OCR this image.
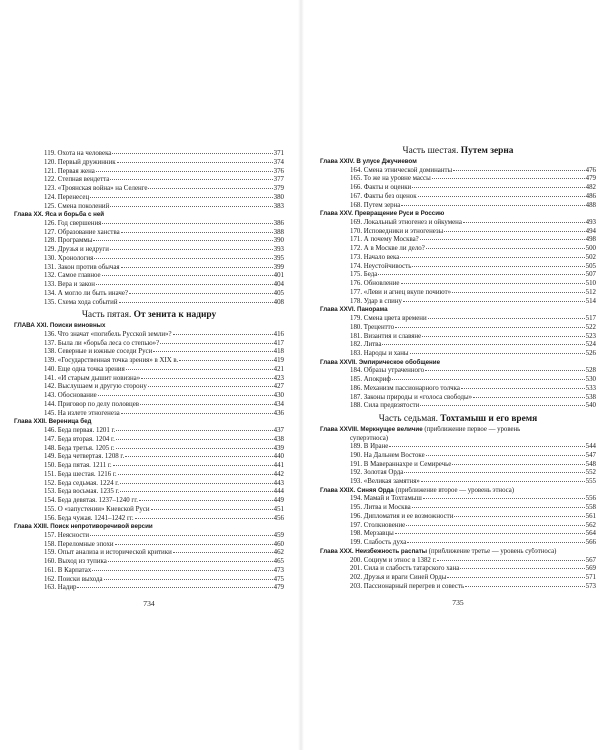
119. Охота на человека	371
120. Первый дружинник	374
121. Первая жена	376
122. Степная вендетта	377
123. «Троянская война» на Селенге	379
124. Перенесец	380
125. Смена поколений	383
Глава XX. Яса и борьба с ней
126. Год свершения	386
127. Образование ханства	388
128. Программы	390
129. Друзья и недруги	393
130. Хронология	395
131. Закон против обычая	399
132. Самое главное	401
133. Вера и закон	404
134. А могло ли быть иначе?	405
135. Схема хода событий	408
Часть пятая. От зенита к надиру
ГЛАВА XXI. Поиски виновных
136. Что значат «погибель Русской земли»?	416
137. Была ли «борьба леса со степью»?	417
138. Северные и южные соседи Руси	418
139. «Государственная точка зрения» в XIX в.	419
140. Еще одна точка зрения	421
141. «И старым дышит новизна»	423
142. Выслушаем и другую сторону	427
143. Обоснование	430
144. Приговор по делу половцев	434
145. На излете этногенеза	436
Глава XXII. Вереница бед
146. Беда первая. 1201 г.	437
147. Беда вторая. 1204 г.	438
148. Беда третья. 1205 г.	439
149. Беда четвертая. 1208 г.	440
150. Беда пятая. 1211 г.	441
151. Беда шестая. 1216 г.	442
152. Беда седьмая. 1224 г.	443
153. Беда восьмая. 1235 г.	444
154. Беда девятая. 1237–1240 гг.	449
155. О «запустении» Киевской Руси	451
156. Беда чужая. 1241–1242 гг.	456
Глава XXIII. Поиск непротиворечивой версии
157. Неясности	459
158. Переломные эпохи	460
159. Опыт анализа и исторической критики	462
160. Выход из тупика	465
161. В Карпатах	473
162. Поиски выхода	475
163. Надир	479
734
Часть шестая. Путем зерна
Глава XXIV. В улусе Джучиевом
164. Смена этнической доминанты	476
165. То же на уровне массы	479
166. Факты и оценки	482
167. Факты без оценок	486
168. Путем зерна	488
Глава XXV. Превращение Руси в Россию
169. Локальный этногенез и ойкумена	493
170. Исповедники и этногенезы	494
171. А почему Москва?	498
172. А в Москве ли дело?	500
173. Начало века	502
174. Неустойчивость	505
175. Беда	507
176. Обновление	510
177. «Леви и агнец вкупе почиют»	512
178. Удар в спину	514
Глава XXVI. Панорама
179. Смена цвета времени	517
180. Трецентто	522
181. Византия и славяне	523
182. Литва	524
183. Народы и ханы	526
Глава XXVII. Эмпирическое обобщение
184. Образы утраченного	528
185. Апокриф	530
186. Механизм пассионарного толчка	533
187. Законы природы и «голоса свободы»	538
188. Сила предвзятости	540
Часть седьмая. Тохтамыш и его время
Глава XXVIII. Меркнущее величие (приближение первое — уровень
суперэтноса)
189. В Иране	544
190. На Дальнем Востоке	547
191. В Мавераннахре и Семиречье	548
192. Золотая Орда	552
193. «Великая замятня»	555
Глава XXIX. Синяя Орда (приближение второе — уровень этноса)
194. Мамай и Тохтамыш	556
195. Литва и Москва	558
196. Дипломатия и ее возможности	561
197. Столкновение	562
198. Мерзавцы	564
199. Слабость духа	566
Глава XXX. Неизбежность распаты (приближение третье — уровень субэтноса)
200. Социум и этнос в 1382 г.	567
201. Сила и слабость татарского хана	569
202. Друзья и враги Синей Орды	571
203. Пассионарный перегрев и совесть	573
735
